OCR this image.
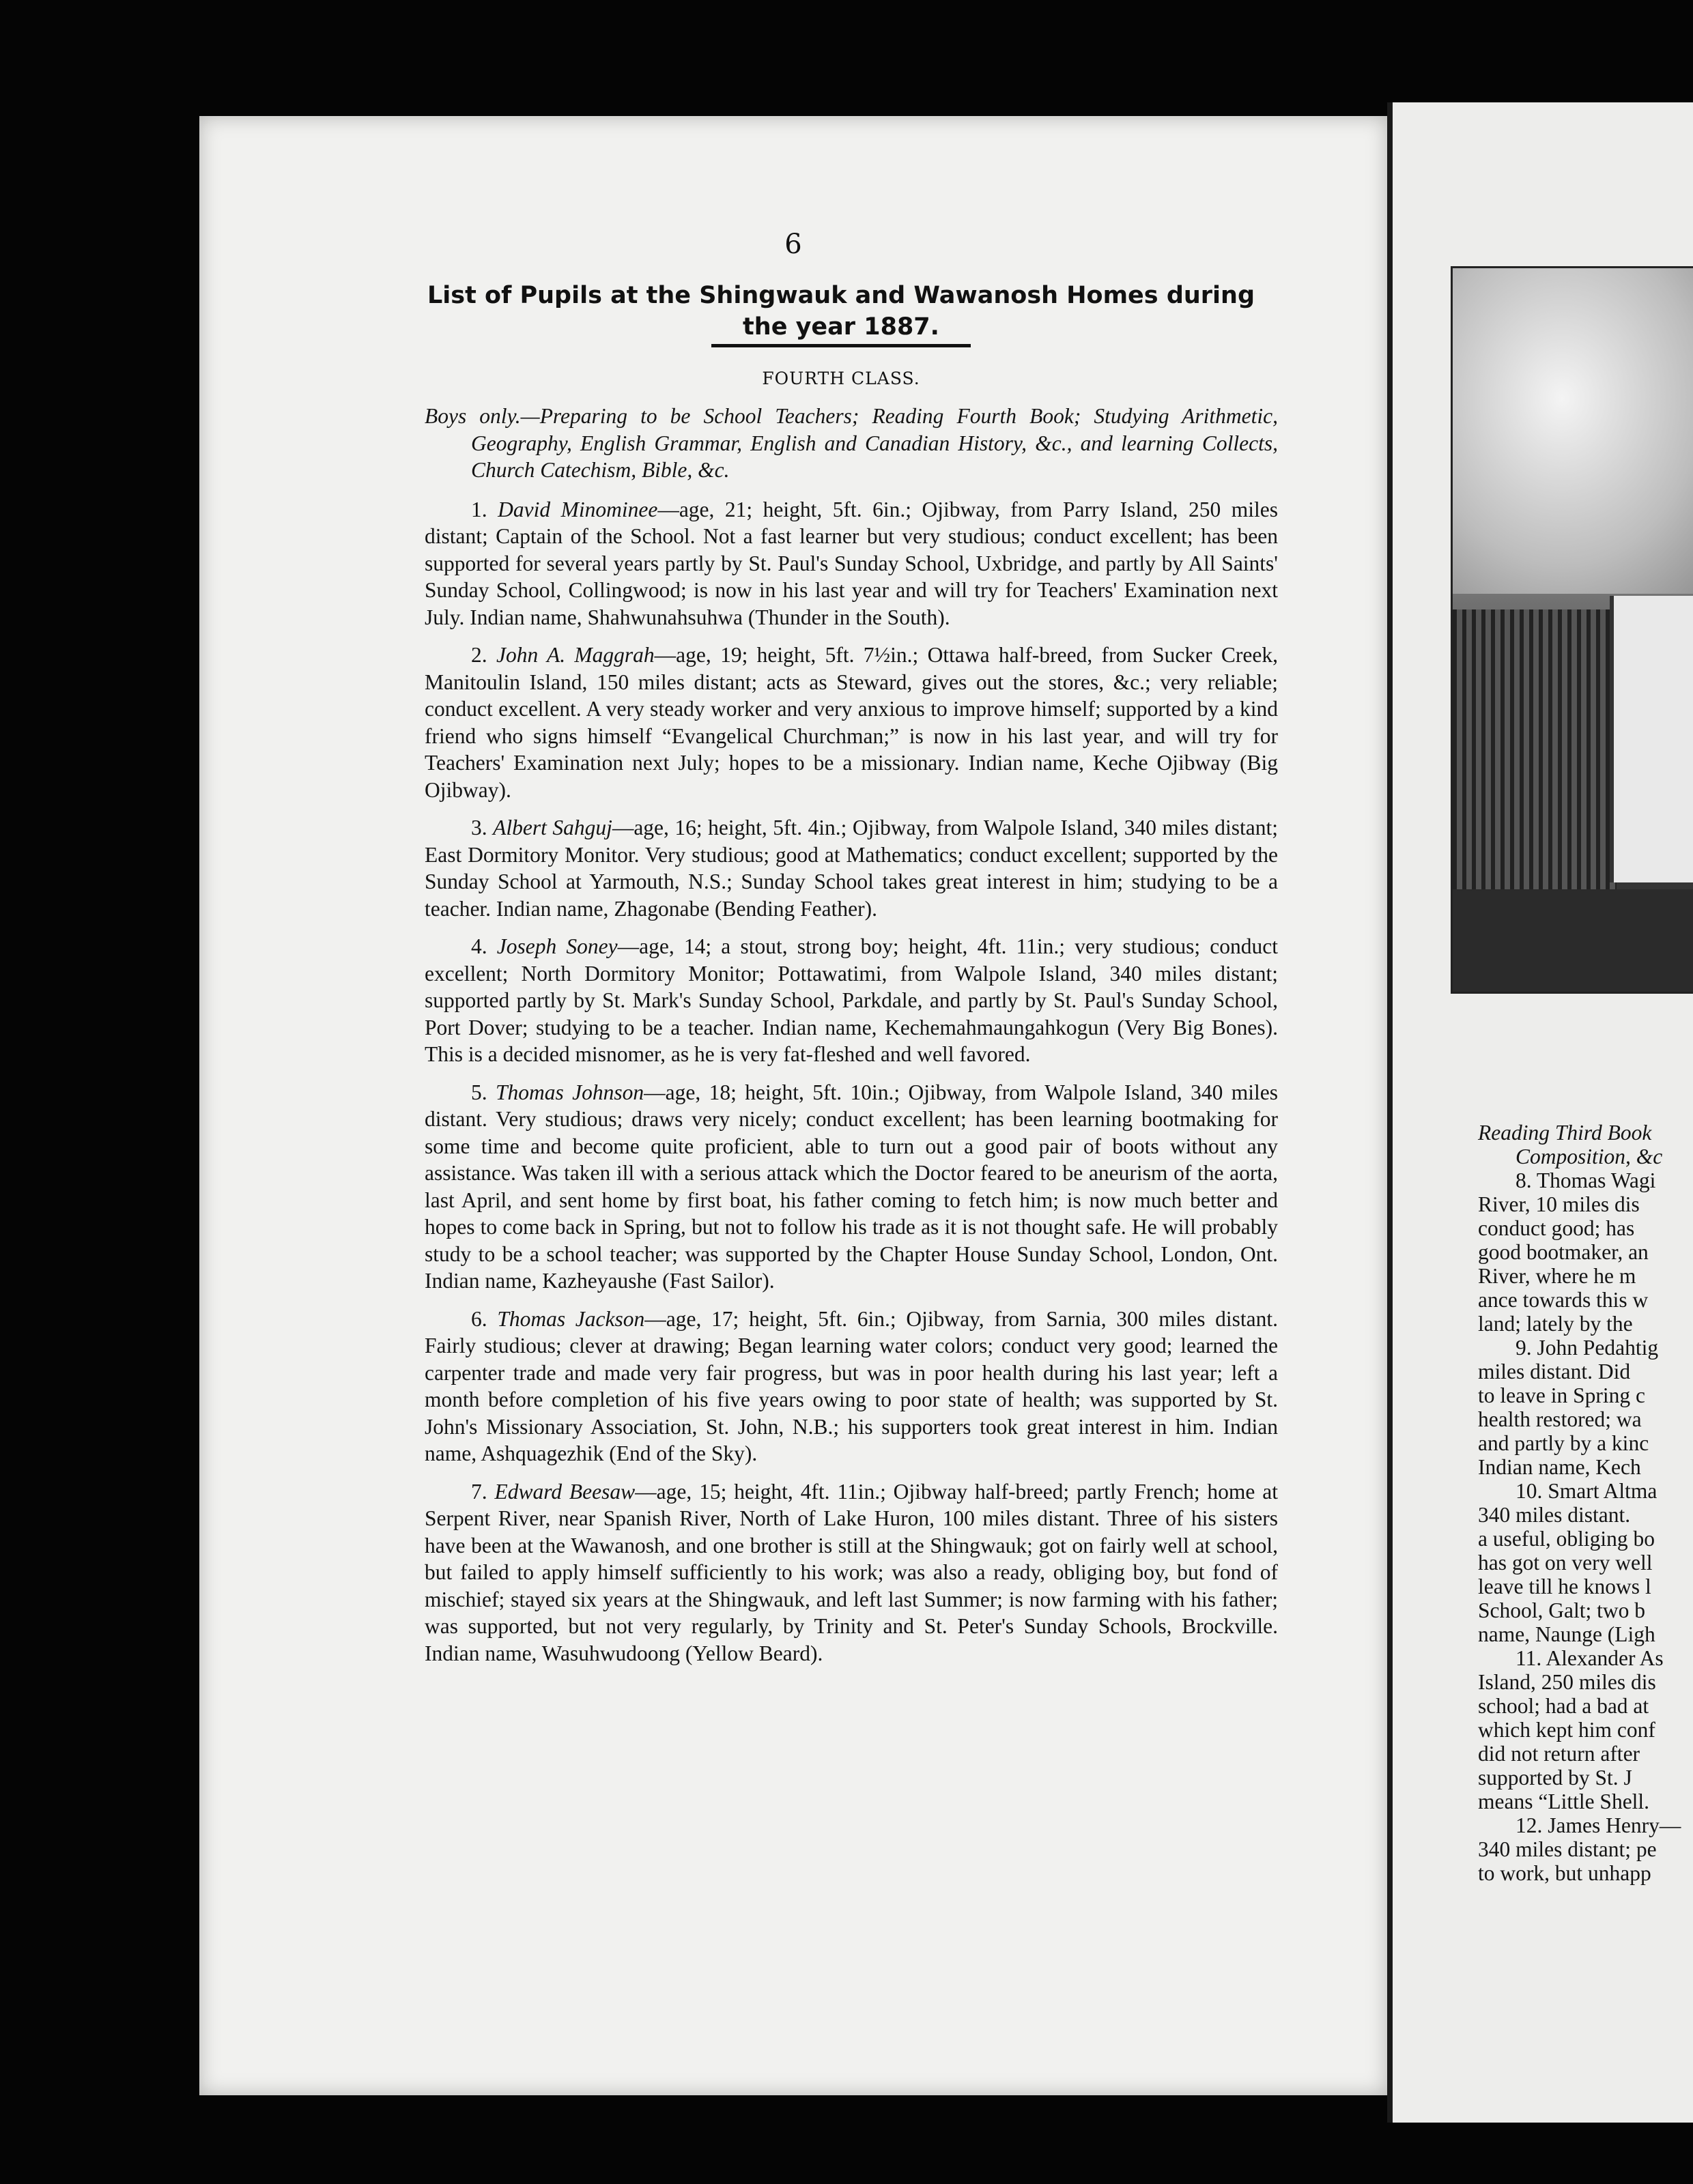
6
List of Pupils at the Shingwauk and Wawanosh Homes during
the year 1887.
FOURTH CLASS.

Boys only.—Preparing to be School Teachers; Reading Fourth Book; Studying Arithmetic, Geography, English Grammar, English and Canadian History, &c., and learning Collects, Church Catechism, Bible, &c.

1. David Minominee—age, 21; height, 5ft. 6in.; Ojibway, from Parry Island, 250 miles distant; Captain of the School. Not a fast learner but very studious; conduct excellent; has been supported for several years partly by St. Paul's Sunday School, Uxbridge, and partly by All Saints' Sunday School, Collingwood; is now in his last year and will try for Teachers' Examination next July. Indian name, Shahwunahsuhwa (Thunder in the South).

2. John A. Maggrah—age, 19; height, 5ft. 7½in.; Ottawa half-breed, from Sucker Creek, Manitoulin Island, 150 miles distant; acts as Steward, gives out the stores, &c.; very reliable; conduct excellent. A very steady worker and very anxious to improve himself; supported by a kind friend who signs himself “Evangelical Churchman;” is now in his last year, and will try for Teachers' Examination next July; hopes to be a missionary. Indian name, Keche Ojibway (Big Ojibway).

3. Albert Sahguj—age, 16; height, 5ft. 4in.; Ojibway, from Walpole Island, 340 miles distant; East Dormitory Monitor. Very studious; good at Mathematics; conduct excellent; supported by the Sunday School at Yarmouth, N.S.; Sunday School takes great interest in him; studying to be a teacher. Indian name, Zhagonabe (Bending Feather).

4. Joseph Soney—age, 14; a stout, strong boy; height, 4ft. 11in.; very studious; conduct excellent; North Dormitory Monitor; Pottawatimi, from Walpole Island, 340 miles distant; supported partly by St. Mark's Sunday School, Parkdale, and partly by St. Paul's Sunday School, Port Dover; studying to be a teacher. Indian name, Kechemahmaungahkogun (Very Big Bones). This is a decided misnomer, as he is very fat-fleshed and well favored.

5. Thomas Johnson—age, 18; height, 5ft. 10in.; Ojibway, from Walpole Island, 340 miles distant. Very studious; draws very nicely; conduct excellent; has been learning bootmaking for some time and become quite proficient, able to turn out a good pair of boots without any assistance. Was taken ill with a serious attack which the Doctor feared to be aneurism of the aorta, last April, and sent home by first boat, his father coming to fetch him; is now much better and hopes to come back in Spring, but not to follow his trade as it is not thought safe. He will probably study to be a school teacher; was supported by the Chapter House Sunday School, London, Ont. Indian name, Kazheyaushe (Fast Sailor).

6. Thomas Jackson—age, 17; height, 5ft. 6in.; Ojibway, from Sarnia, 300 miles distant. Fairly studious; clever at drawing; Began learning water colors; conduct very good; learned the carpenter trade and made very fair progress, but was in poor health during his last year; left a month before completion of his five years owing to poor state of health; was supported by St. John's Missionary Association, St. John, N.B.; his supporters took great interest in him. Indian name, Ashquagezhik (End of the Sky).

7. Edward Beesaw—age, 15; height, 4ft. 11in.; Ojibway half-breed; partly French; home at Serpent River, near Spanish River, North of Lake Huron, 100 miles distant. Three of his sisters have been at the Wawanosh, and one brother is still at the Shingwauk; got on fairly well at school, but failed to apply himself sufficiently to his work; was also a ready, obliging boy, but fond of mischief; stayed six years at the Shingwauk, and left last Summer; is now farming with his father; was supported, but not very regularly, by Trinity and St. Peter's Sunday Schools, Brockville. Indian name, Wasuhwudoong (Yellow Beard).

Reading Third Book
Composition, &c
8. Thomas Wagi
River, 10 miles dis
conduct good; has
good bootmaker, an
River, where he m
ance towards this w
land; lately by the
9. John Pedahtig
miles distant. Did
to leave in Spring c
health restored; wa
and partly by a kinc
Indian name, Kech
10. Smart Altma
340 miles distant.
a useful, obliging bo
has got on very well
leave till he knows l
School, Galt; two b
name, Naunge (Ligh
11. Alexander As
Island, 250 miles dis
school; had a bad at
which kept him conf
did not return after
supported by St. J
means “Little Shell.
12. James Henry—
340 miles distant; pe
to work, but unhapp
